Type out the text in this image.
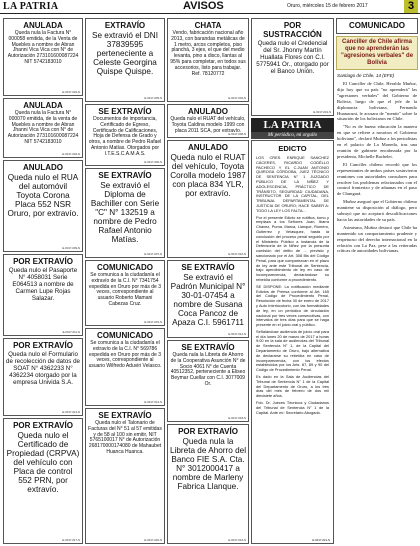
LA PATRIA	AVISOS	Oruro, miércoles 15 de febrero 2017	3
ANULADA

Queda nula la Factura N° 000058 emitida, de la Venta de Muebles a nombre de Abran Jhanni Vica Vica con N° de Autorización 273101600087224 NIT 5742183010

E-6017-003-N
EXTRAVÍO

Se extravió el DNI 37839595 perteneciente a Celeste Georgina Quispe Quispe.

E-6017-005-N
CHATA

Vendo, fabricación nacional año 2013, con barandas metálicas de 1 metro, arcos completos, piso planchá, 3 ejes, el que del medio levanta, pino a disco, llantas al 95% para completar, en todos sus accesorios, listo para trabajar. Ref. 78120772

E-6017-002-N
POR SUSTRACCIÓN

Queda nulo el Credencial del Sr. Jhonny Martín Huallata Flores con C.I. 5775941 Or., otorgado por el Banco Unión.

E-6017-019-N
COMUNICADO
ANULADA

Queda nula la Factura N° 000070 emitida, de la venta de Muebles a nombre de Abran Jhanni Vica Vica con N° de Autorización 273101600087224 NIT 5742183010

E-6017-004-N
SE EXTRAVÍO

Documentos de importancia, Certificado de Egreso, Certificado de Calificaciones, Hoja de Defensa de Grado y otros, a nombre de Pedro Rafael Antonio Matías. Otorgados por I.T.E.S.C.A.M.A.S.

E-6017-006-N
ANULADO

Queda nulo el RUAT del vehículo, Toyota Caldina modelo 1999 con placa 2011 SCA, por extravío.

E-6017-008-N
ANULADO

Queda nulo el RUA del automóvil Toyota Corona Placa 552 NSR Oruro, por extravío.

E-6017-009-N
SE EXTRAVÍO

Se extravió el Diploma de Bachiller con Serie "C" N° 132519 a nombre de Pedro Rafael Antonio Matías.

E-6017-007-N
ANULADO

Queda nulo el RUAT del vehículo, Toyota Corolla modelo 1987 con placa 834 YLR, por extravío.

E-6017-010-N
POR EXTRAVÍO

Queda nulo el Pasaporte N° 4058031 Serie E064513 a nombre de Carmen Lupe Rojas Salazar.

E-6017-011-N
COMUNICADO

Se comunica a la ciudadanía el extravío de la C.I. N° 7341754 expedida en Oruro por más de 3 veces, correspondiente al usuario Roberto Mamani Cabezas Cruz.

E-6017-015-N
SE EXTRAVÍO

Se extravió el Padrón Municipal N° 30-01-07454 a nombre de Susana Coca Pancoz de Apaza C.I. 5961711

E-6017-012-N
POR EXTRAVÍO

Queda nulo el Formulario de recolección de datos de SOAT N° 4362233 N° 4362234 otorgado por la empresa Univida S.A.

E-6017-013-N
COMUNICADO

Se comunica a la ciudadanía el extravío de la C.I. N° 569786 expedida en Oruro por más de 3 veces, correspondiente al usuario Wilfredo Aduviri Velasco.

E-6017-014-N
SE EXTRAVÍO

Queda nula la Libreta de Ahorro de la Cooperativa Asunción N° de Socio 4061 N° de Cuenta 40512352, perteneciente a Eliseo Beymar Cuellar con C.I. 3077009 Or.

E-6017-018-N
POR EXTRAVÍO

Queda nulo el Certificado de Propiedad (CRPVA) del vehículo con Placa de control 552 PRN, por extravío.

E-6017-017-N
SE EXTRAVÍO

Queda nulo el Talonario de Facturas del N° 51 al 57 emitidas y de 58 al 100 sin emitir, NIT 5765100017 N° de Autorización 268170000174080 de Mahaubet Huanca Huanca.

E-6017-020-N
POR EXTRAVÍO

Queda nula la Libreta de Ahorro del Banco FIE S.A. Cta. N° 3012000417 a nombre de Marleny Fabrica Llanque.

E-6017-001-N
LA PATRIA
Mi periódico, mi orgullo
EDICTO

LOS CRES. ENRIQUE SANCHEZ CÁCERES, RICARDO CODÉLLO PACHECO Y EL C.JUAN ANTONIO QUIROGA CÓRDOBA, JUEZ TÉCNICO DE SENTENCIA N° 1 JUZGADO PÚBLICO DE LA NIÑEZ Y ADOLESCENCIA, PRÁCTICO DE TRÁNSITO, SEGURIDAD CIUDADANA, INSTRUCTOR DE LA CAPITAL, DEL TRIBUNAL DEPARTAMENTAL DE JUSTICIA DE ORURO; HACE SABER A: TODO LA LEY LOS FALTA...

Por el presente Edicto se notifica, tomo y emplaza a los Señores Juan, Ibarra Chavez, Puma, Marca, Llanque, Romero, Gutierrez y Velasquez, hasta la conclusión del proceso penal seguido por el Ministerio Público a instancia de la Defensoría de la Niñez por la presunta comisión del delito de ... previsto y sancionado por el Art. 308 Bis del Código Penal, para que comparezcan en el plazo de ley ante este Tribunal de Sentencia, bajo apercibimiento de ley en caso de incomparecencia, declarándose su rebeldía conforme a procedimiento.

SE DISPONE: La notificación mediante Edictos de Prensa conforme al Art. 165 del Código de Procedimiento Penal, Resolución de fecha 30 de enero de 2017 y Auto Interlocutorio, con las formalidades de ley, en un periódico de circulación nacional por tres veces consecutivas, con intervalos de tres días para que se haga presente en el juicio oral y público.

Señalándose audiencia de juicio oral para el día lunes 20 de marzo de 2017 a horas 9:00 en la sala de audiencias del Tribunal de Sentencia N° 1, de la Capital del Departamento de Oruro, bajo alternativa de declararse su rebeldía en caso de incomparecencia, con los efectos establecidos por los Arts. 87, 89 y 90 del Código de Procedimiento Penal.

Es dado en la Sala de Audiencias del Tribunal de Sentencia N° 1 de la Capital del Departamento de Oruro, a los tres días del mes de febrero de dos mil diecisiete años.

Fdo. Dr. Jueces Técnicos y Ciudadanos del Tribunal de Sentencia N° 1 de la Capital. Ante mí: Secretario Abogado.

E-6017-021-N
Canciller de Chile afirma que no aprenderán las "agresiones verbales" de Bolivia
Santiago de Chile, 14 (EFE)

El Canciller de Chile, Heraldo Muñoz, dijo hoy que su país "no aprenderá" las "agresiones verbales" del Gobierno de Bolivia, luego de que el jefe de la diplomacia boliviana, Fernando Huanacuni, le acusara de "mentir" sobre la situación de los bolivianos en Chile.

"No es de buena educación la manera en que se refiere a nosotros el Gobierno boliviano", declaró Muñoz a los periodistas en el palacio de La Moneda, tras una reunión de gabinete encabezada por la presidenta, Michelle Bachelet.

El Canciller chileno recordó que los representantes de ambos países sostuvieron reuniones con autoridades consulares para resolver los problemas relacionados con el control fronterizo y de aduanas en el paso de Chungará.

Muñoz aseguró que el Gobierno chileno mantiene su disposición al diálogo, pero subrayó que no aceptará descalificaciones hacia las autoridades de su país.

Asimismo, Muñoz destacó que Chile ha mantenido un comportamiento prudente y respetuoso del derecho internacional en la relación con La Paz, pese a las reiteradas críticas de autoridades bolivianas.
